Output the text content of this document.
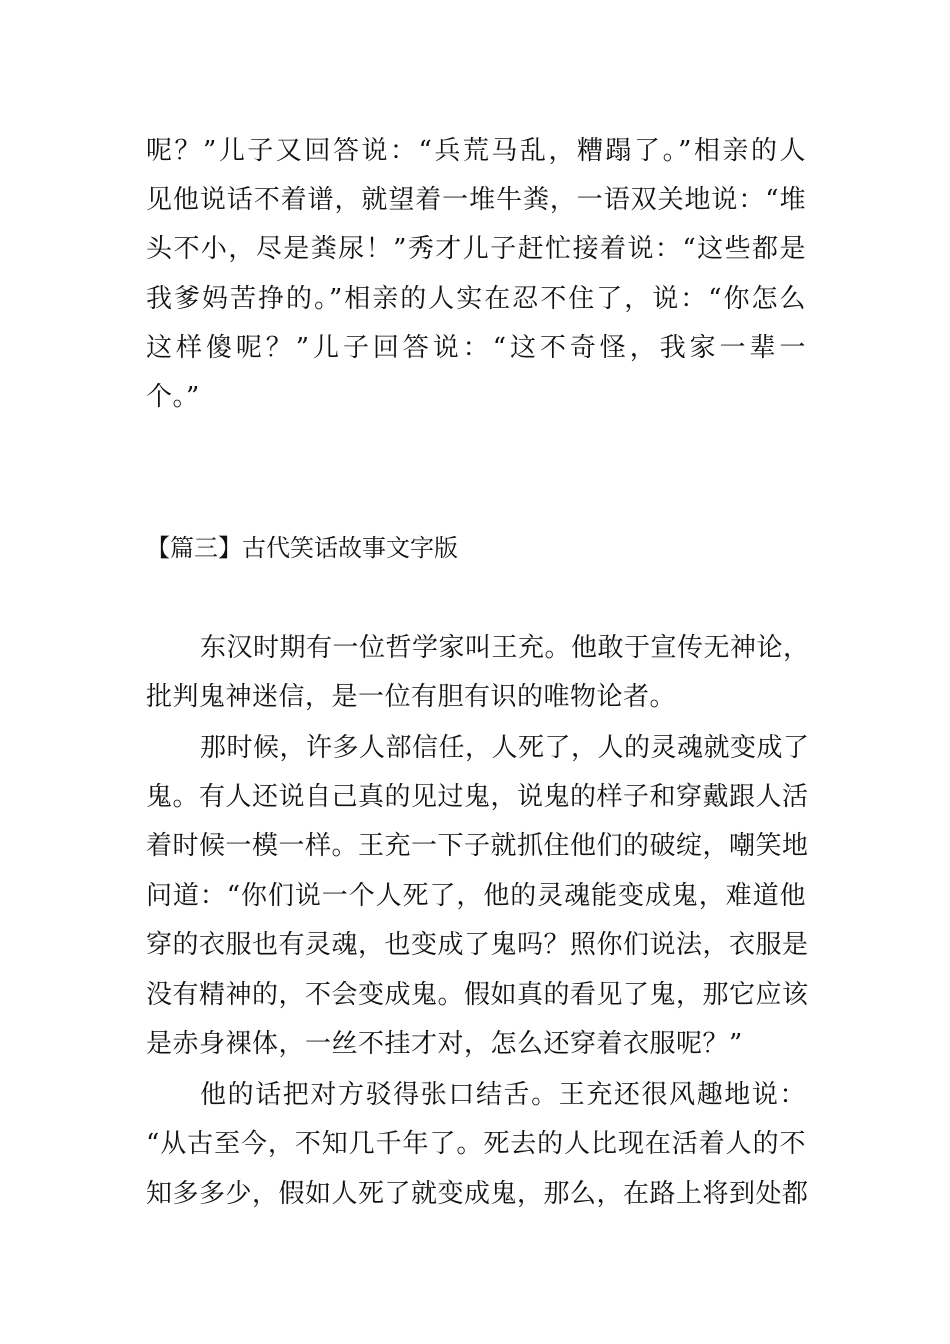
呢？”儿子又回答说：“兵荒马乱，糟蹋了。”相亲的人
见他说话不着谱，就望着一堆牛粪，一语双关地说：“堆
头不小，尽是粪尿！”秀才儿子赶忙接着说：“这些都是
我爹妈苦挣的。”相亲的人实在忍不住了，说：“你怎么
这样傻呢？”儿子回答说：“这不奇怪，我家一辈一
个。”
【篇三】古代笑话故事文字版
东汉时期有一位哲学家叫王充。他敢于宣传无神论，
批判鬼神迷信，是一位有胆有识的唯物论者。
那时候，许多人部信任，人死了，人的灵魂就变成了
鬼。有人还说自己真的见过鬼，说鬼的样子和穿戴跟人活
着时候一模一样。王充一下子就抓住他们的破绽，嘲笑地
问道：“你们说一个人死了，他的灵魂能变成鬼，难道他
穿的衣服也有灵魂，也变成了鬼吗？照你们说法，衣服是
没有精神的，不会变成鬼。假如真的看见了鬼，那它应该
是赤身裸体，一丝不挂才对，怎么还穿着衣服呢？”
他的话把对方驳得张口结舌。王充还很风趣地说：
“从古至今，不知几千年了。死去的人比现在活着人的不
知多多少，假如人死了就变成鬼，那么，在路上将到处都
